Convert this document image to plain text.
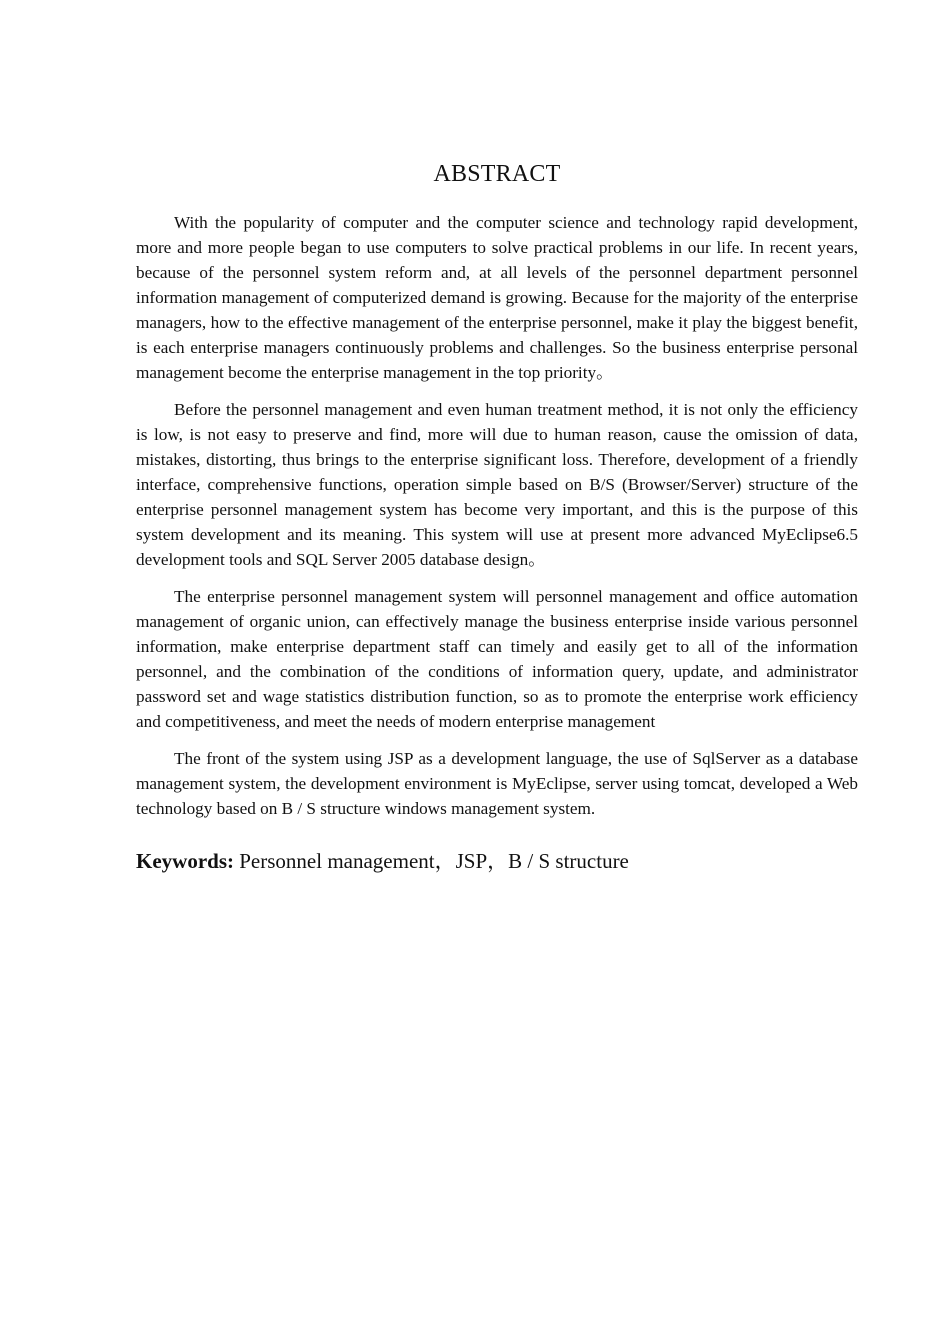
ABSTRACT

With the popularity of computer and the computer science and technology rapid development, more and more people began to use computers to solve practical problems in our life. In recent years, because of the personnel system reform and, at all levels of the personnel department personnel information management of computerized demand is growing. Because for the majority of the enterprise managers, how to the effective management of the enterprise personnel, make it play the biggest benefit, is each enterprise managers continuously problems and challenges. So the business enterprise personal management become the enterprise management in the top priority。

Before the personnel management and even human treatment method, it is not only the efficiency is low, is not easy to preserve and find, more will due to human reason, cause the omission of data, mistakes, distorting, thus brings to the enterprise significant loss. Therefore, development of a friendly interface, comprehensive functions, operation simple based on B/S (Browser/Server) structure of the enterprise personnel management system has become very important, and this is the purpose of this system development and its meaning. This system will use at present more advanced MyEclipse6.5 development tools and SQL Server 2005 database design。

The enterprise personnel management system will personnel management and office automation management of organic union, can effectively manage the business enterprise inside various personnel information, make enterprise department staff can timely and easily get to all of the information personnel, and the combination of the conditions of information query, update, and administrator password set and wage statistics distribution function, so as to promote the enterprise work efficiency and competitiveness, and meet the needs of modern enterprise management

The front of the system using JSP as a development language, the use of SqlServer as a database management system, the development environment is MyEclipse, server using tomcat, developed a Web technology based on B / S structure windows management system.

Keywords: Personnel management，JSP，B / S structure
